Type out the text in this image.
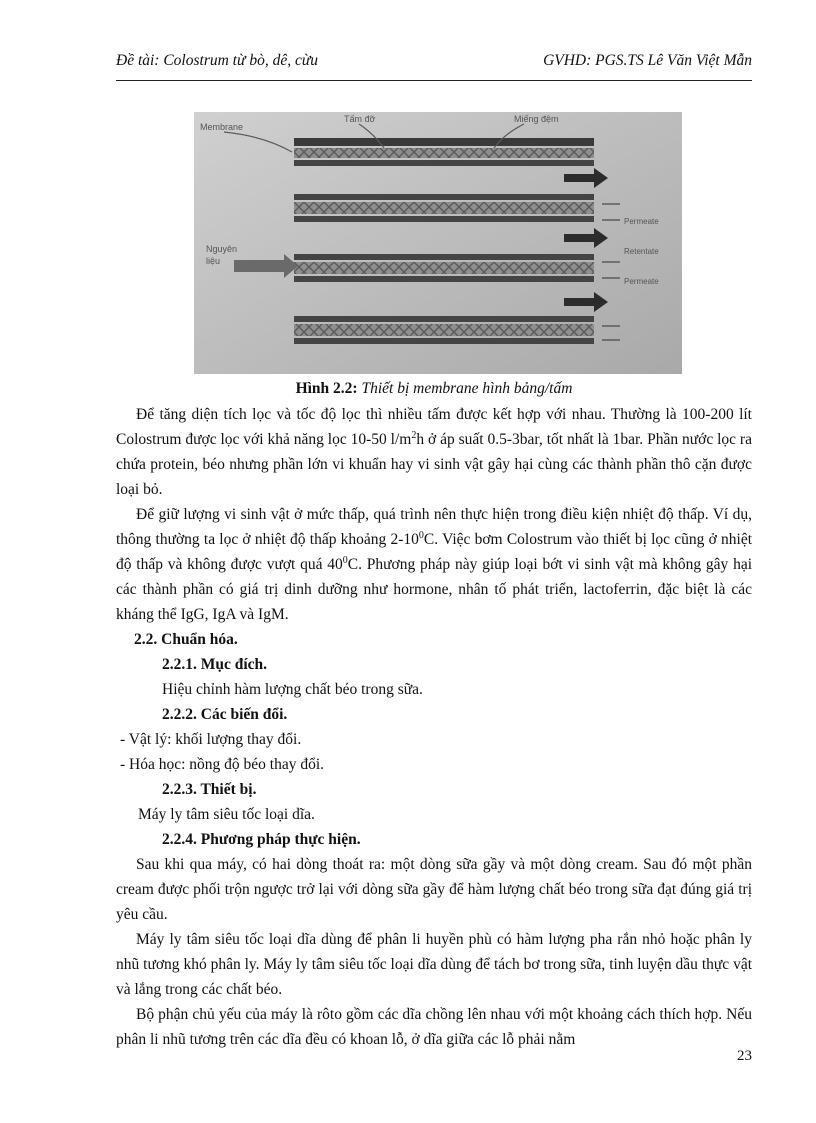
Đề tài: Colostrum từ bò, dê, cừu	GVHD: PGS.TS Lê Văn Việt Mẫn
Membrane
Tấm đỡ	Miếng đệm
Nguyên
liệu
Permeate
Retentate
Permeate
Hình 2.2: Thiết bị membrane hình bảng/tấm

Để tăng diện tích lọc và tốc độ lọc thì nhiều tấm được kết hợp với nhau. Thường là 100-200 lít Colostrum được lọc với khả năng lọc 10-50 $l/m^2h$ ở áp suất 0.5-3bar, tốt nhất là 1bar. Phần nước lọc ra chứa protein, béo nhưng phần lớn vi khuẩn hay vi sinh vật gây hại cùng các thành phần thô cặn được loại bỏ.

Để giữ lượng vi sinh vật ở mức thấp, quá trình nên thực hiện trong điều kiện nhiệt độ thấp. Ví dụ, thông thường ta lọc ở nhiệt độ thấp khoảng $2-10^0C$. Việc bơm Colostrum vào thiết bị lọc cũng ở nhiệt độ thấp và không được vượt quá $40^0C$. Phương pháp này giúp loại bớt vi sinh vật mà không gây hại các thành phần có giá trị dinh dưỡng như hormone, nhân tố phát triển, lactoferrin, đặc biệt là các kháng thể IgG, IgA và IgM.

2.2. Chuẩn hóa.

2.2.1. Mục đích.

Hiệu chỉnh hàm lượng chất béo trong sữa.

2.2.2. Các biến đổi.

- Vật lý: khối lượng thay đổi.

- Hóa học: nồng độ béo thay đổi.

2.2.3. Thiết bị.

Máy ly tâm siêu tốc loại dĩa.

2.2.4. Phương pháp thực hiện.

Sau khi qua máy, có hai dòng thoát ra: một dòng sữa gầy và một dòng cream. Sau đó một phần cream được phối trộn ngược trở lại với dòng sữa gầy để hàm lượng chất béo trong sữa đạt đúng giá trị yêu cầu.

Máy ly tâm siêu tốc loại dĩa dùng để phân li huyền phù có hàm lượng pha rắn nhỏ hoặc phân ly nhũ tương khó phân ly. Máy ly tâm siêu tốc loại dĩa dùng để tách bơ trong sữa, tinh luyện dầu thực vật và lắng trong các chất béo.

Bộ phận chủ yếu của máy là rôto gồm các dĩa chồng lên nhau với một khoảng cách thích hợp. Nếu phân li nhũ tương trên các dĩa đều có khoan lỗ, ở dĩa giữa các lỗ phải nằm

23
